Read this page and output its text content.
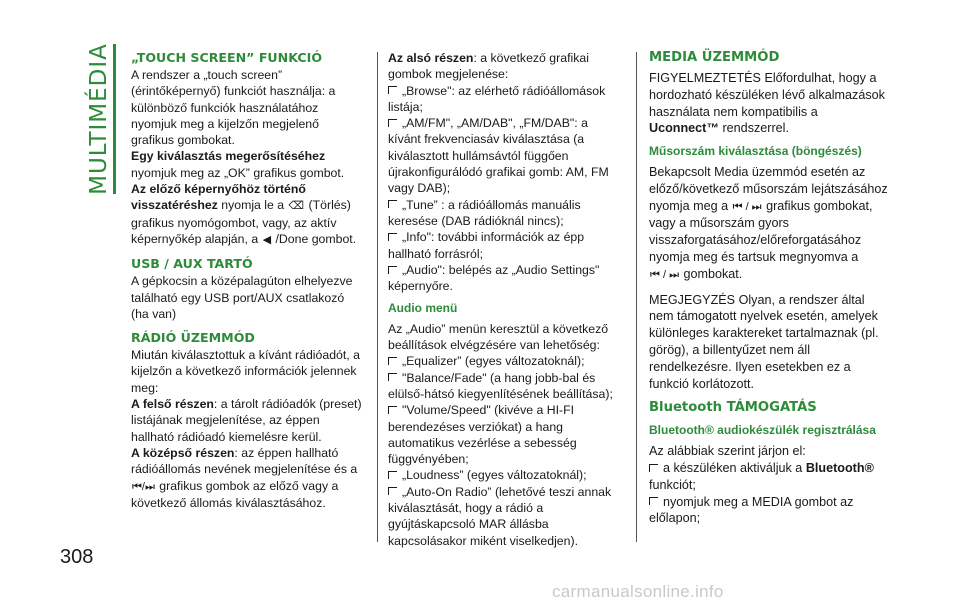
MULTIMÉDIA
308
„TOUCH SCREEN” FUNKCIÓ

A rendszer a „touch screen” (érintőképernyő) funkciót használja: a különböző funkciók használatához nyomjuk meg a kijelzőn megjelenő grafikus gombokat.

Egy kiválasztás megerősítéséhez nyomjuk meg az „OK” grafikus gombot.

Az előző képernyőhöz történő visszatéréshez nyomja le a ⌫ (Törlés) grafikus nyomógombot, vagy, az aktív képernyőkép alapján, a ◀ /Done gombot.

USB / AUX TARTÓ

A gépkocsin a középalagúton elhelyezve található egy USB port/AUX csatlakozó (ha van)

RÁDIÓ ÜZEMMÓD

Miután kiválasztottuk a kívánt rádióadót, a kijelzőn a következő információk jelennek meg:

A felső részen: a tárolt rádióadók (preset) listájának megjelenítése, az éppen hallható rádióadó kiemelésre kerül.

A középső részen: az éppen hallható rádióállomás nevének megjelenítése és a ⏮/⏭ grafikus gombok az előző vagy a következő állomás kiválasztásához.

Az alsó részen: a következő grafikai gombok megjelenése:

„Browse": az elérhető rádióállomások listája;

„AM/FM", „AM/DAB", „FM/DAB": a kívánt frekvenciasáv kiválasztása (a kiválasztott hullámsávtól függően újrakonfigurálódó grafikai gomb: AM, FM vagy DAB);

„Tune” : a rádióállomás manuális keresése (DAB rádióknál nincs);

„Info": további információk az épp hallható forrásról;

„Audio": belépés az „Audio Settings" képernyőre.

Audio menü

Az „Audio” menün keresztül a következő beállítások elvégzésére van lehetőség:

„Equalizer” (egyes változatoknál);

"Balance/Fade" (a hang jobb-bal és elülső-hátsó kiegyenlítésének beállítása);

"Volume/Speed" (kivéve a HI-FI berendezéses verziókat) a hang automatikus vezérlése a sebesség függvényében;

„Loudness” (egyes változatoknál);

„Auto-On Radio” (lehetővé teszi annak kiválasztását, hogy a rádió a gyújtáskapcsoló MAR állásba kapcsolásakor miként viselkedjen).

MEDIA ÜZEMMÓD

FIGYELMEZTETÉS Előfordulhat, hogy a hordozható készüléken lévő alkalmazások használata nem kompatibilis a Uconnect™ rendszerrel.

Műsorszám kiválasztása (böngészés)

Bekapcsolt Media üzemmód esetén az előző/következő műsorszám lejátszásához nyomja meg a ⏮ / ⏭ grafikus gombokat, vagy a műsorszám gyors visszaforgatásához/előreforgatásához nyomja meg és tartsuk megnyomva a ⏮ / ⏭ gombokat.

MEGJEGYZÉS Olyan, a rendszer által nem támogatott nyelvek esetén, amelyek különleges karaktereket tartalmaznak (pl. görög), a billentyűzet nem áll rendelkezésre. Ilyen esetekben ez a funkció korlátozott.

Bluetooth TÁMOGATÁS
Bluetooth® audiokészülék regisztrálása

Az alábbiak szerint járjon el:

a készüléken aktiváljuk a Bluetooth® funkciót;

nyomjuk meg a MEDIA gombot az előlapon;

carmanualsonline.info
